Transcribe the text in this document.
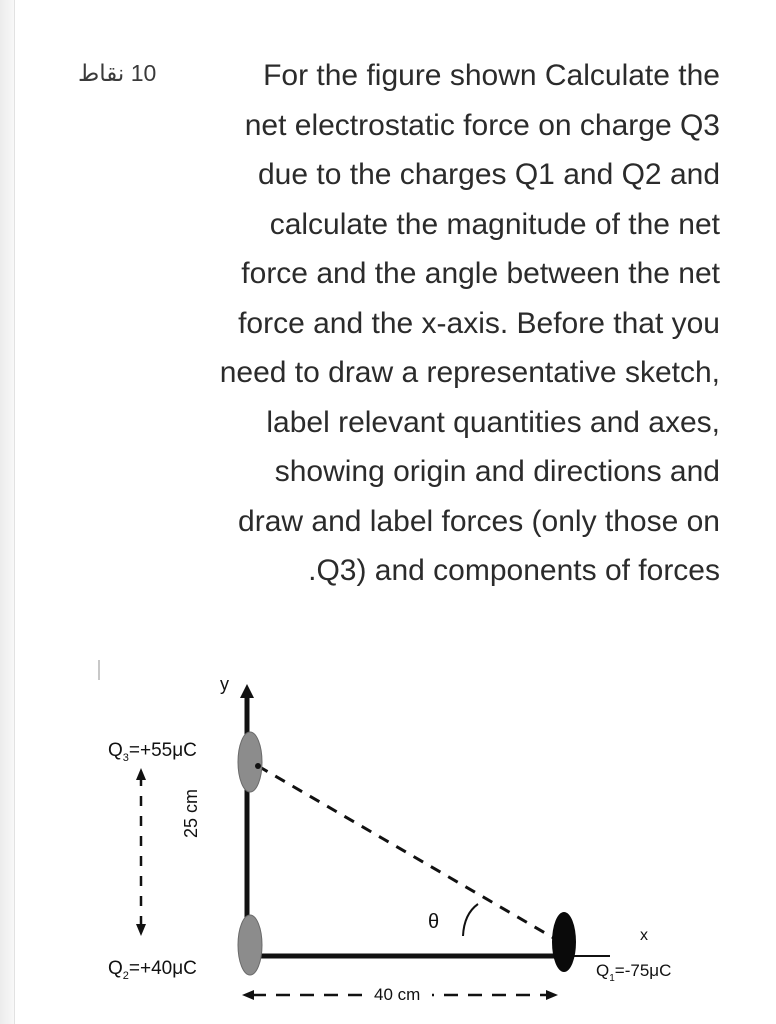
10 نقاط	For the figure shown Calculate the
net electrostatic force on charge Q3
due to the charges Q1 and Q2 and
calculate the magnitude of the net
force and the angle between the net
force and the x-axis. Before that you
need to draw a representative sketch,
label relevant quantities and axes,
showing origin and directions and
draw and label forces (only those on
.Q3) and components of forces

y
x
θ
25 cm
40 cm
$Q_3=+55\mu C$
$Q_2=+40\mu C$	$Q_1=-75\mu C$
